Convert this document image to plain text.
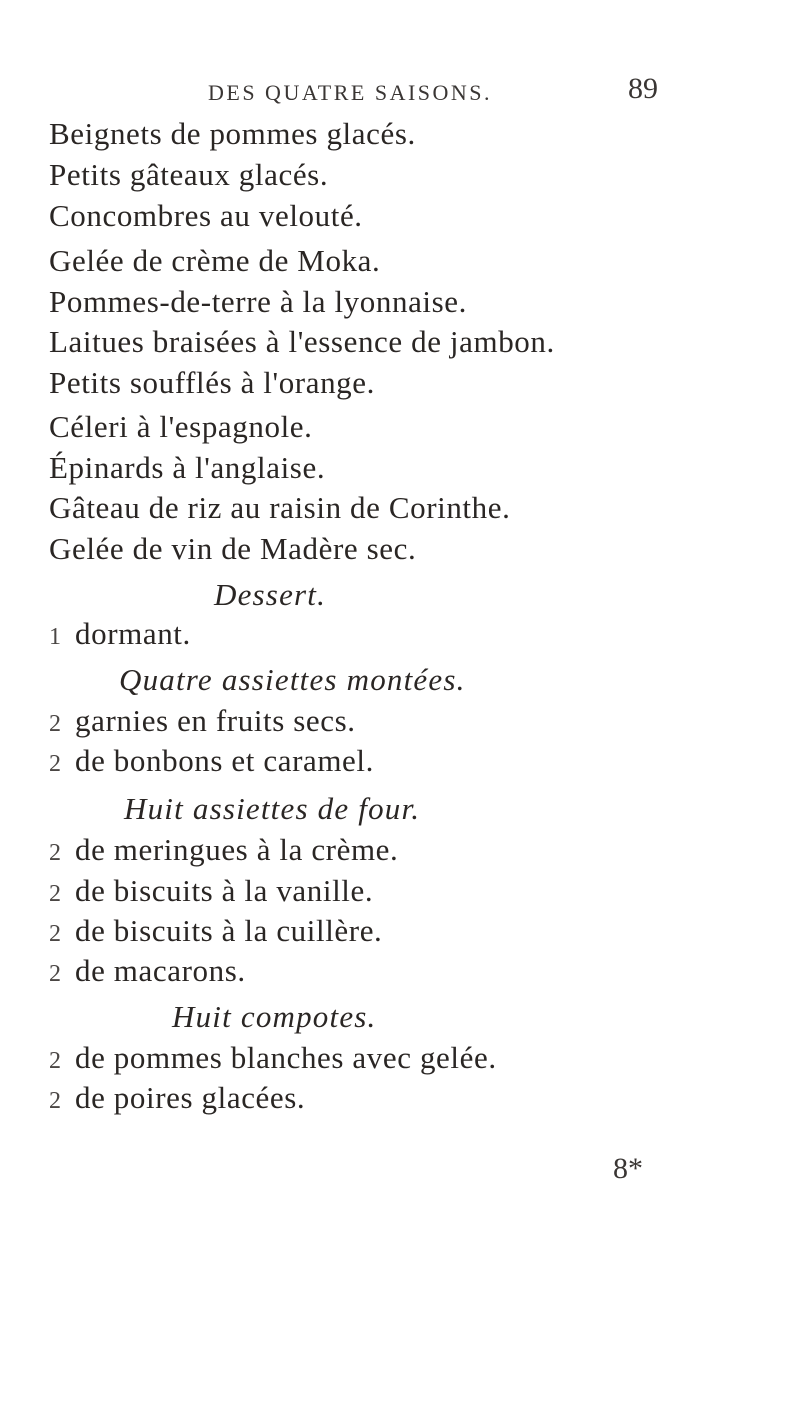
DES QUATRE SAISONS.	89
Beignets de pommes glacés.
Petits gâteaux glacés.
Concombres au velouté.
Gelée de crème de Moka.
Pommes-de-terre à la lyonnaise.
Laitues braisées à l'essence de jambon.
Petits soufflés à l'orange.
Céleri à l'espagnole.
Épinards à l'anglaise.
Gâteau de riz au raisin de Corinthe.
Gelée de vin de Madère sec.
Dessert.
1 dormant.
Quatre assiettes montées.
2 garnies en fruits secs.
2 de bonbons et caramel.
Huit assiettes de four.
2 de meringues à la crème.
2 de biscuits à la vanille.
2 de biscuits à la cuillère.
2 de macarons.
Huit compotes.
2 de pommes blanches avec gelée.
2 de poires glacées.
8*
